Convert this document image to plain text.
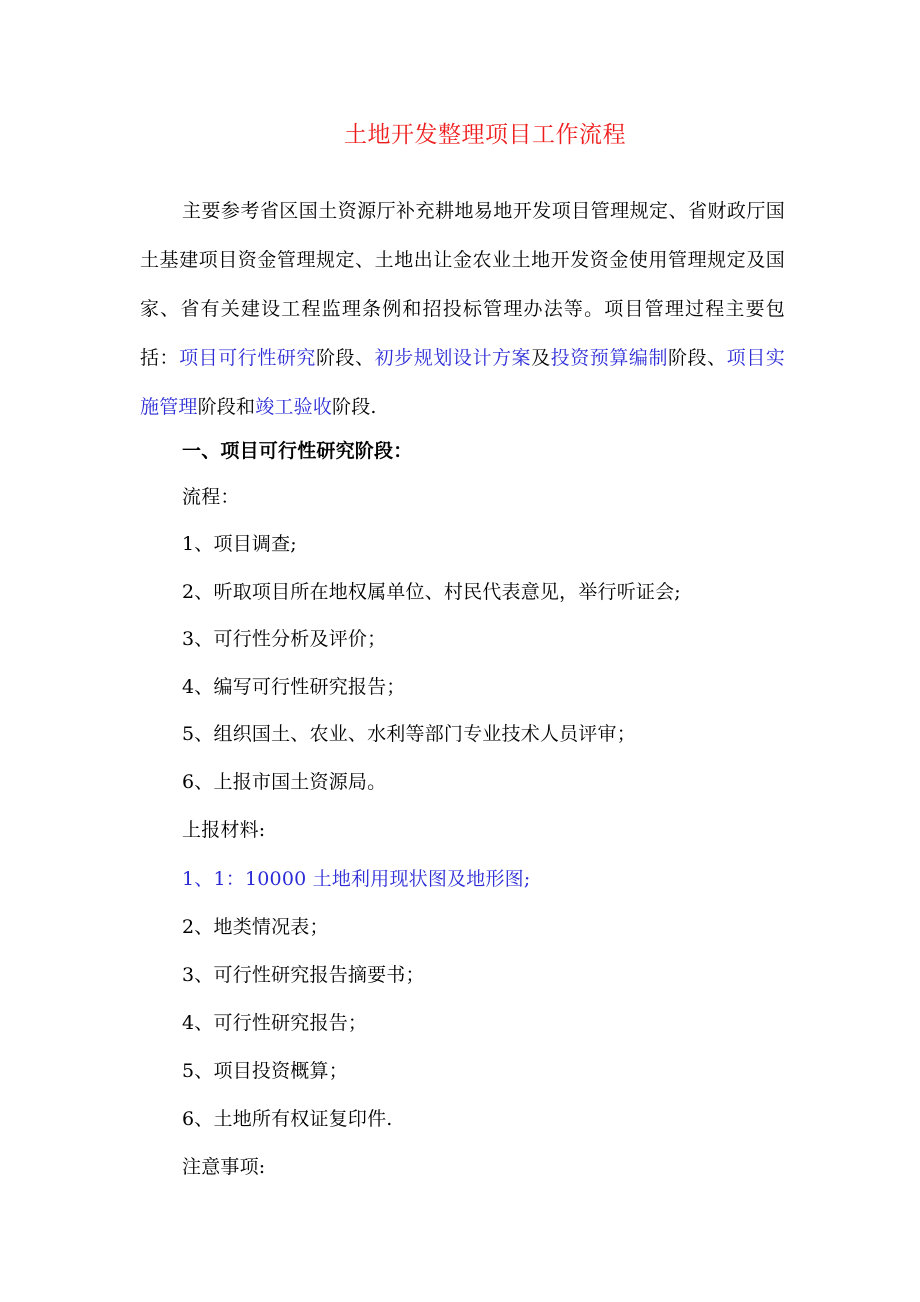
土地开发整理项目工作流程

主要参考省区国土资源厅补充耕地易地开发项目管理规定、省财政厅国土基建项目资金管理规定、土地出让金农业土地开发资金使用管理规定及国家、省有关建设工程监理条例和招投标管理办法等。项目管理过程主要包括：项目可行性研究阶段、初步规划设计方案及投资预算编制阶段、项目实施管理阶段和竣工验收阶段.

一、项目可行性研究阶段：
流程：
1、项目调查;
2、听取项目所在地权属单位、村民代表意见，举行听证会;
3、可行性分析及评价；
4、编写可行性研究报告；
5、组织国土、农业、水利等部门专业技术人员评审；
6、上报市国土资源局。
上报材料:
1、1：10000 土地利用现状图及地形图;
2、地类情况表；
3、可行性研究报告摘要书；
4、可行性研究报告；
5、项目投资概算；
6、土地所有权证复印件.
注意事项:
